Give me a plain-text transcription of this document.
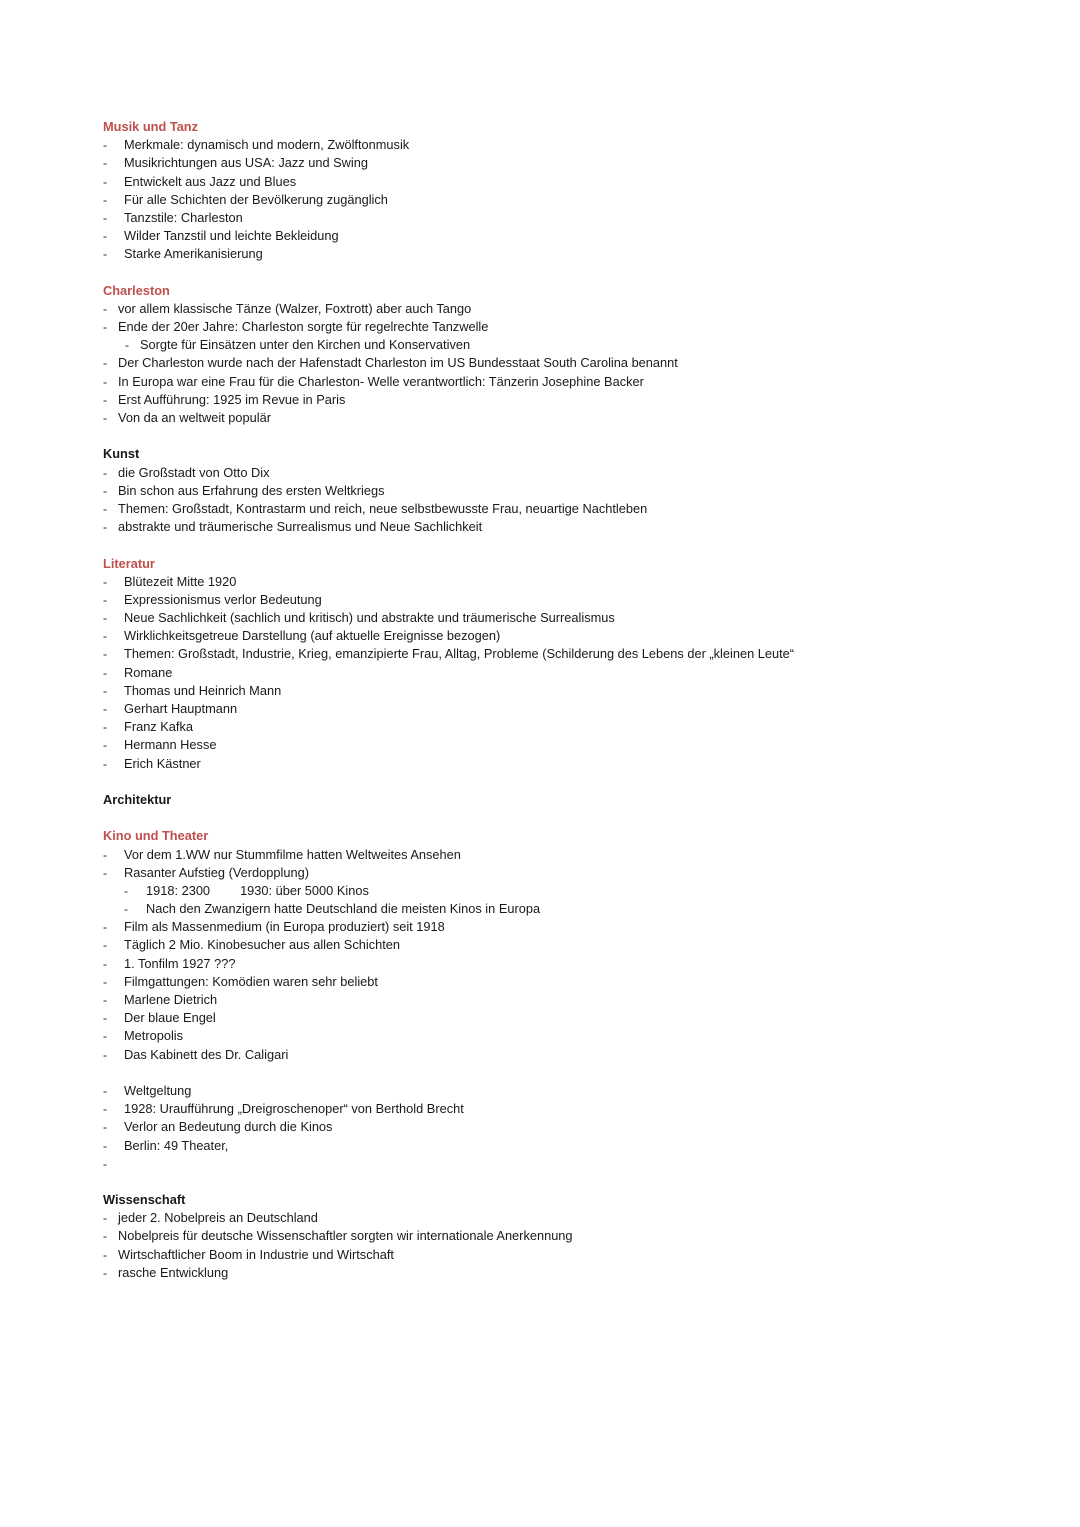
Musik und Tanz
- Merkmale: dynamisch und modern, Zwölftonmusik
- Musikrichtungen aus USA: Jazz und Swing
- Entwickelt aus Jazz und Blues
- Für alle Schichten der Bevölkerung zugänglich
- Tanzstile: Charleston
- Wilder Tanzstil und leichte Bekleidung
- Starke Amerikanisierung
Charleston
- vor allem klassische Tänze (Walzer, Foxtrott) aber auch Tango
- Ende der 20er Jahre: Charleston sorgte für regelrechte Tanzwelle
- Sorgte für Einsätzen unter den Kirchen und Konservativen
- Der Charleston wurde nach der Hafenstadt Charleston im US Bundesstaat South Carolina benannt
- In Europa war eine Frau für die Charleston- Welle verantwortlich: Tänzerin Josephine Backer
- Erst Aufführung: 1925 im Revue in Paris
- Von da an weltweit populär
Kunst
- die Großstadt von Otto Dix
- Bin schon aus Erfahrung des ersten Weltkriegs
- Themen: Großstadt, Kontrastarm und reich, neue selbstbewusste Frau, neuartige Nachtleben
- abstrakte und träumerische Surrealismus und Neue Sachlichkeit
Literatur
- Blütezeit Mitte 1920
- Expressionismus verlor Bedeutung
- Neue Sachlichkeit (sachlich und kritisch) und abstrakte und träumerische Surrealismus
- Wirklichkeitsgetreue Darstellung (auf aktuelle Ereignisse bezogen)
- Themen: Großstadt, Industrie, Krieg, emanzipierte Frau, Alltag, Probleme (Schilderung des Lebens der „kleinen Leute“
- Romane
- Thomas und Heinrich Mann
- Gerhart Hauptmann
- Franz Kafka
- Hermann Hesse
- Erich Kästner
Architektur
Kino und Theater
- Vor dem 1.WW nur Stummfilme hatten Weltweites Ansehen
- Rasanter Aufstieg (Verdopplung)
- 1918: 2300 1930: über 5000 Kinos
- Nach den Zwanzigern hatte Deutschland die meisten Kinos in Europa
- Film als Massenmedium (in Europa produziert) seit 1918
- Täglich 2 Mio. Kinobesucher aus allen Schichten
- 1. Tonfilm 1927 ???
- Filmgattungen: Komödien waren sehr beliebt
- Marlene Dietrich
- Der blaue Engel
- Metropolis
- Das Kabinett des Dr. Caligari
- Weltgeltung
- 1928: Uraufführung „Dreigroschenoper“ von Berthold Brecht
- Verlor an Bedeutung durch die Kinos
- Berlin: 49 Theater,
-
Wissenschaft
- jeder 2. Nobelpreis an Deutschland
- Nobelpreis für deutsche Wissenschaftler sorgten wir internationale Anerkennung
- Wirtschaftlicher Boom in Industrie und Wirtschaft
- rasche Entwicklung
